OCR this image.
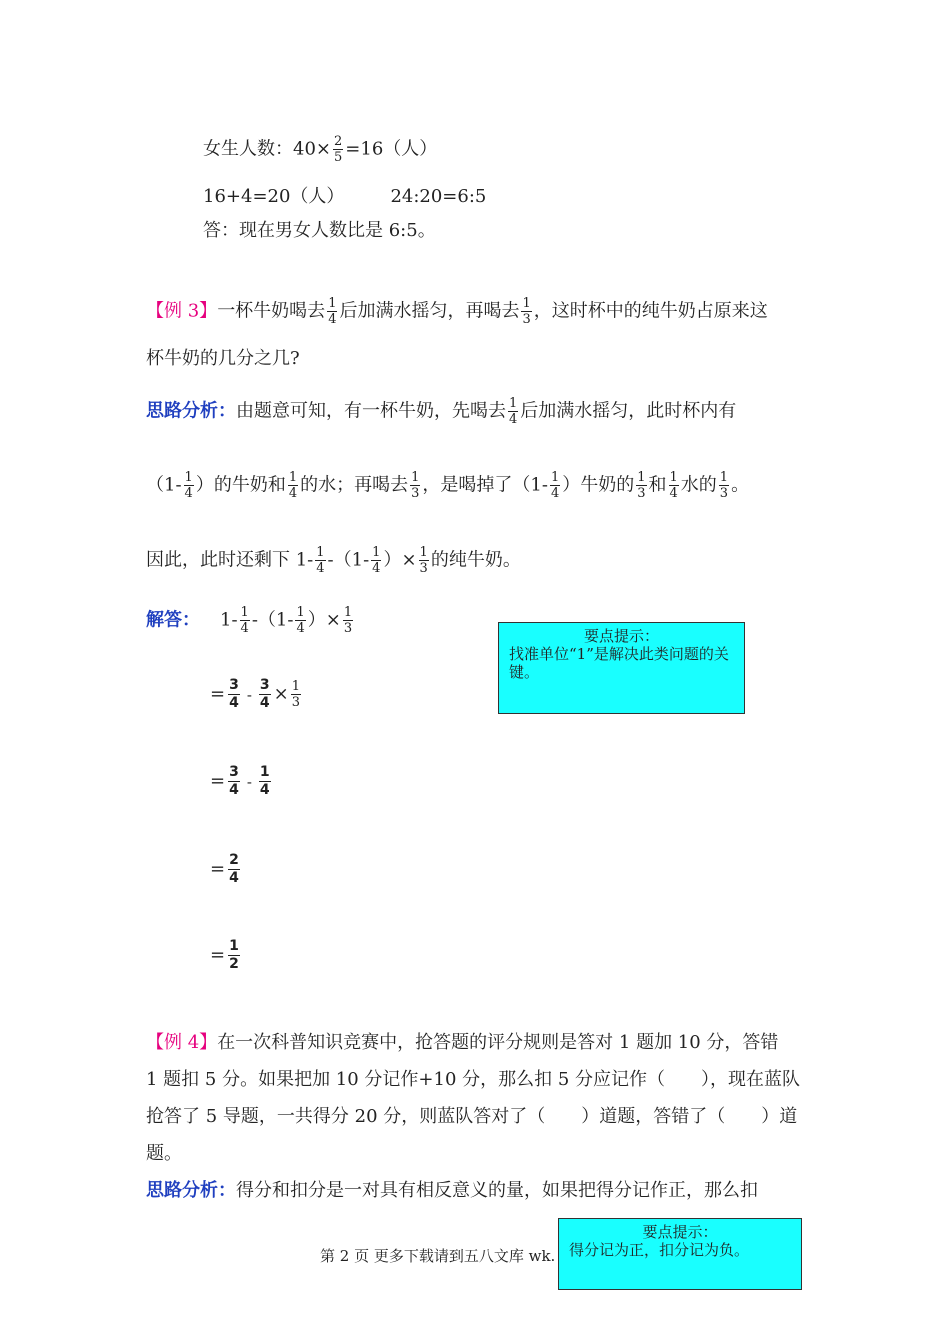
女生人数：$40\times \frac{2}{5} =16$（人）
16+4=20（人）	24:20=6:5
答：现在男女人数比是 6:5。
【例 3】一杯牛奶喝去 $\frac{1}{4}$ 后加满水摇匀，再喝去 $\frac{1}{3}$ ，这时杯中的纯牛奶占原来这
杯牛奶的几分之几?
思路分析：由题意可知，有一杯牛奶，先喝去 $\frac{1}{4}$ 后加满水摇匀，此时杯内有
（$1- \frac{1}{4}$ ）的牛奶和 $\frac{1}{4}$ 的水；再喝去 $\frac{1}{3}$ ，是喝掉了（$1- \frac{1}{4}$ ）牛奶的 $\frac{1}{3}$ 和 $\frac{1}{4}$ 水的 $\frac{1}{3}$ 。
因此，此时还剩下 $1- \frac{1}{4} -(1- \frac{1}{4}$ ）× $\frac{1}{3}$ 的纯牛奶。
解答： $1- \frac{1}{4} -(1- \frac{1}{4}$ ）× $\frac{1}{3}$
= $\frac{3}{4} - \frac{3}{4} \times \frac{1}{3}$
= $\frac{3}{4} - \frac{1}{4}$
= $\frac{2}{4}$
= $\frac{1}{2}$
要点提示：
找准单位“1”是解决此类问题的关键。
【例 4】在一次科普知识竞赛中，抢答题的评分规则是答对 1 题加 10 分，答错
1 题扣 5 分。如果把加 10 分记作+10 分，那么扣 5 分应记作（　　），现在蓝队
抢答了 5 导题，一共得分 20 分，则蓝队答对了（　　）道题，答错了（　　）道
题。
思路分析：得分和扣分是一对具有相反意义的量，如果把得分记作正，那么扣
第 2 页 更多下载请到五八文库 wk.
要点提示：
得分记为正，扣分记为负。
